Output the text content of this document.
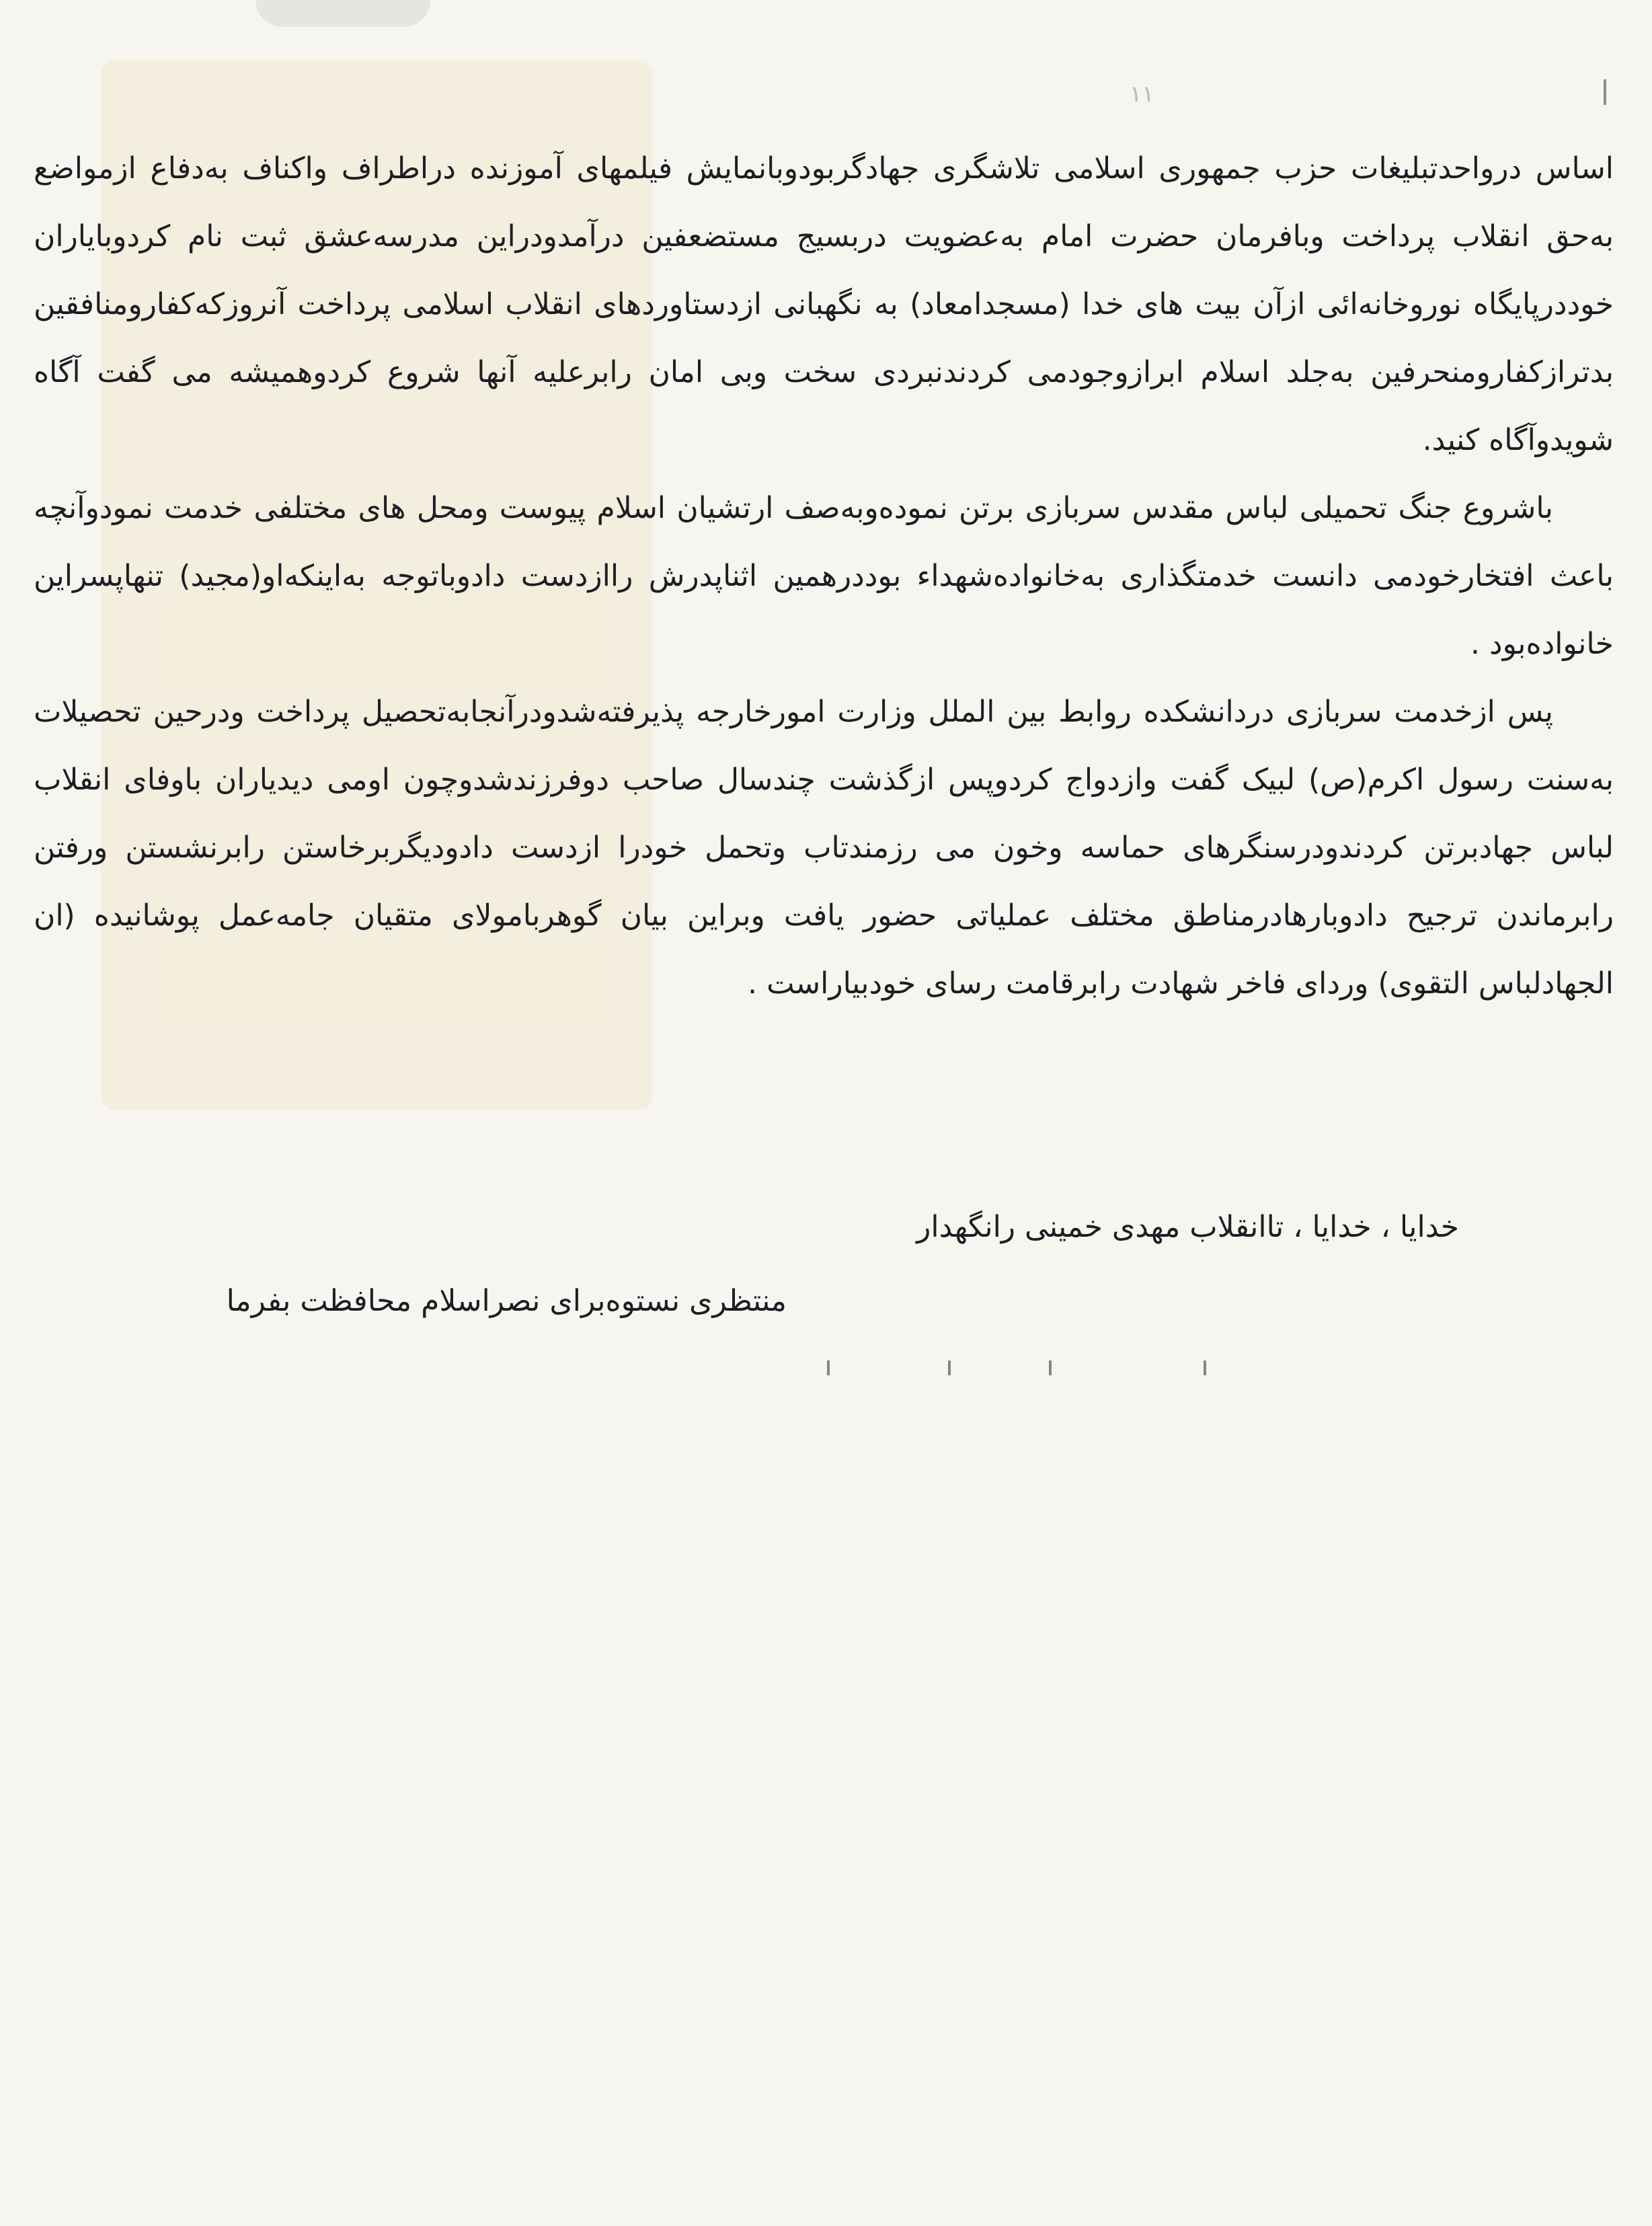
۱۱

اساس درواحدتبلیغات حزب جمهوری اسلامی تلاشگری جهادگربودوبانمایش فیلمهای آموزنده دراطراف واکناف بەدفاع ازمواضع بەحق انقلاب پرداخت وبافرمان حضرت امام بەعضویت دربسیج مستضعفین درآمدودراین مدرسەعشق ثبت نام کردوبایاران خوددرپایگاه نوروخانەائی ازآن بیت های خدا (مسجدامعاد) بە نگهبانی ازدستاوردهای انقلاب اسلامی پرداخت آنروزکەکفارومنافقین بدترازکفارومنحرفین بەجلد اسلام ابرازوجودمی کردندنبردی سخت وبی امان رابرعلیه آنها شروع کردوهمیشه می گفت آگاه شویدوآگاه کنید.

باشروع جنگ تحمیلی لباس مقدس سربازی برتن نمودەوبەصف ارتشیان اسلام پیوست ومحل های مختلفی خدمت نمودوآنچه باعث افتخارخودمی دانست خدمتگذاری بەخانوادەشهداء بوددرهمین اثناپدرش راازدست دادوباتوجه بەاینکەاو(مجید) تنهاپسراین خانوادەبود .

پس ازخدمت سربازی دردانشکده روابط بین الملل وزارت امورخارجه پذیرفتەشدودرآنجابەتحصیل پرداخت ودرحین تحصیلات بەسنت رسول اکرم(ص) لبیک گفت وازدواج کردوپس ازگذشت چندسال صاحب دوفرزندشدوچون اومی دیدیاران باوفای انقلاب لباس جهادبرتن کردندودرسنگرهای حماسه وخون می رزمندتاب وتحمل خودرا ازدست دادودیگربرخاستن رابرنشستن ورفتن رابرماندن ترجیح دادوبارهادرمناطق مختلف عملیاتی حضور یافت وبراین بیان گوهربامولای متقیان جامەعمل پوشانیده (ان الجهادلباس التقوی) وردای فاخر شهادت رابرقامت رسای خودبیاراست .

خدایا ، خدایا ، تاانقلاب مهدی خمینی رانگهدار
منتظری نستوەبرای نصراسلام محافظت بفرما
